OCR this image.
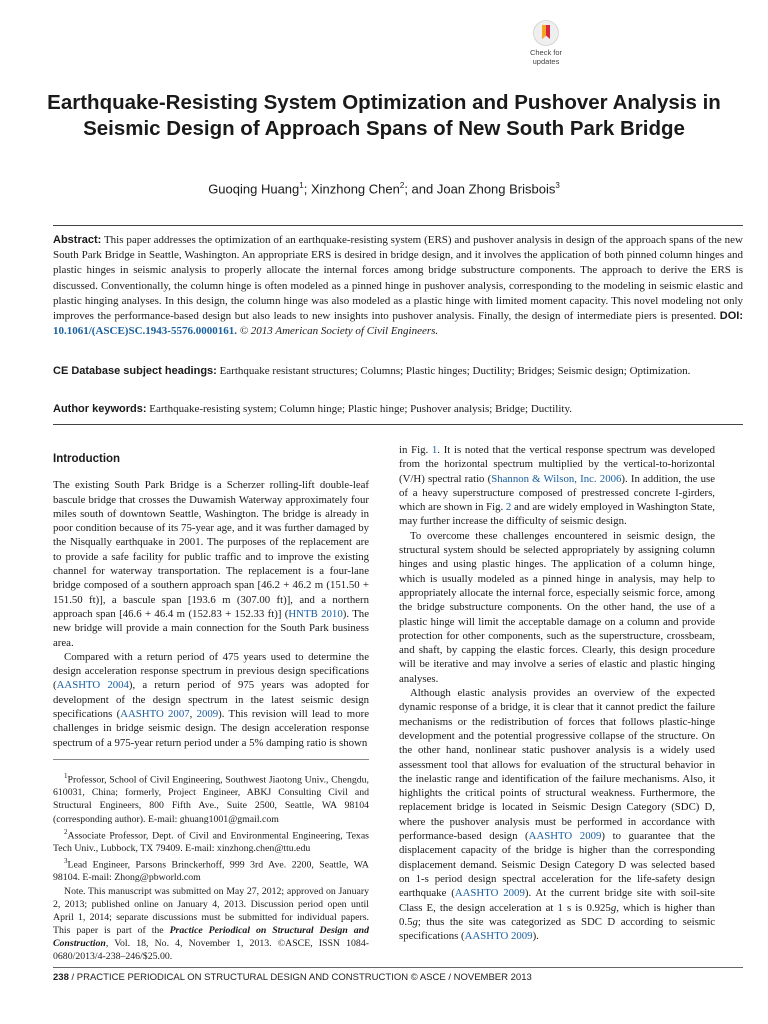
Check for
updates
Earthquake-Resisting System Optimization and Pushover Analysis in Seismic Design of Approach Spans of New South Park Bridge
Guoqing Huang$^1$; Xinzhong Chen$^2$; and Joan Zhong Brisbois$^3$

Abstract: This paper addresses the optimization of an earthquake-resisting system (ERS) and pushover analysis in design of the approach spans of the new South Park Bridge in Seattle, Washington. An appropriate ERS is desired in bridge design, and it involves the application of both pinned column hinges and plastic hinges in seismic analysis to properly allocate the internal forces among bridge substructure components. The approach to derive the ERS is discussed. Conventionally, the column hinge is often modeled as a pinned hinge in pushover analysis, corresponding to the modeling in seismic elastic and plastic hinging analyses. In this design, the column hinge was also modeled as a plastic hinge with limited moment capacity. This novel modeling not only improves the performance-based design but also leads to new insights into pushover analysis. Finally, the design of intermediate piers is presented. DOI: 10.1061/(ASCE)SC.1943-5576.0000161. © 2013 American Society of Civil Engineers.

CE Database subject headings: Earthquake resistant structures; Columns; Plastic hinges; Ductility; Bridges; Seismic design; Optimization.

Author keywords: Earthquake-resisting system; Column hinge; Plastic hinge; Pushover analysis; Bridge; Ductility.

Introduction

The existing South Park Bridge is a Scherzer rolling-lift double-leaf bascule bridge that crosses the Duwamish Waterway approximately four miles south of downtown Seattle, Washington. The bridge is already in poor condition because of its 75-year age, and it was further damaged by the Nisqually earthquake in 2001. The purposes of the replacement are to provide a safe facility for public traffic and to improve the existing channel for waterway transportation. The replacement is a four-lane bridge composed of a southern approach span [46.2 + 46.2 m (151.50 + 151.50 ft)], a bascule span [193.6 m (307.00 ft)], and a northern approach span [46.6 + 46.4 m (152.83 + 152.33 ft)] (HNTB 2010). The new bridge will provide a main connection for the South Park business area.

Compared with a return period of 475 years used to determine the design acceleration response spectrum in previous design specifications (AASHTO 2004), a return period of 975 years was adopted for development of the design spectrum in the latest seismic design specifications (AASHTO 2007, 2009). This revision will lead to more challenges in bridge seismic design. The design acceleration response spectrum of a 975-year return period under a 5% damping ratio is shown

$^1$Professor, School of Civil Engineering, Southwest Jiaotong Univ., Chengdu, 610031, China; formerly, Project Engineer, ABKJ Consulting Civil and Structural Engineers, 800 Fifth Ave., Suite 2500, Seattle, WA 98104 (corresponding author). E-mail: ghuang1001@gmail.com

$^2$Associate Professor, Dept. of Civil and Environmental Engineering, Texas Tech Univ., Lubbock, TX 79409. E-mail: xinzhong.chen@ttu.edu

$^3$Lead Engineer, Parsons Brinckerhoff, 999 3rd Ave. 2200, Seattle, WA 98104. E-mail: Zhong@pbworld.com

Note. This manuscript was submitted on May 27, 2012; approved on January 2, 2013; published online on January 4, 2013. Discussion period open until April 1, 2014; separate discussions must be submitted for individual papers. This paper is part of the Practice Periodical on Structural Design and Construction, Vol. 18, No. 4, November 1, 2013. ©ASCE, ISSN 1084-0680/2013/4-238–246/$25.00.

in Fig. 1. It is noted that the vertical response spectrum was developed from the horizontal spectrum multiplied by the vertical-to-horizontal (V/H) spectral ratio (Shannon & Wilson, Inc. 2006). In addition, the use of a heavy superstructure composed of prestressed concrete I-girders, which are shown in Fig. 2 and are widely employed in Washington State, may further increase the difficulty of seismic design.

To overcome these challenges encountered in seismic design, the structural system should be selected appropriately by assigning column hinges and using plastic hinges. The application of a column hinge, which is usually modeled as a pinned hinge in analysis, may help to appropriately allocate the internal force, especially seismic force, among the bridge substructure components. On the other hand, the use of a plastic hinge will limit the acceptable damage on a column and provide protection for other components, such as the superstructure, crossbeam, and shaft, by capping the elastic forces. Clearly, this design procedure will be iterative and may involve a series of elastic and plastic hinging analyses.

Although elastic analysis provides an overview of the expected dynamic response of a bridge, it is clear that it cannot predict the failure mechanisms or the redistribution of forces that follows plastic-hinge development and the potential progressive collapse of the structure. On the other hand, nonlinear static pushover analysis is a widely used assessment tool that allows for evaluation of the structural behavior in the inelastic range and identification of the failure mechanisms. Also, it highlights the critical points of structural weakness. Furthermore, the replacement bridge is located in Seismic Design Category (SDC) D, where the pushover analysis must be performed in accordance with performance-based design (AASHTO 2009) to guarantee that the displacement capacity of the bridge is higher than the corresponding displacement demand. Seismic Design Category D was selected based on 1-s period design spectral acceleration for the life-safety design earthquake (AASHTO 2009). At the current bridge site with soil-site Class E, the design acceleration at 1 s is 0.925g, which is higher than 0.5g; thus the site was categorized as SDC D according to seismic specifications (AASHTO 2009).

238 / PRACTICE PERIODICAL ON STRUCTURAL DESIGN AND CONSTRUCTION © ASCE / NOVEMBER 2013
